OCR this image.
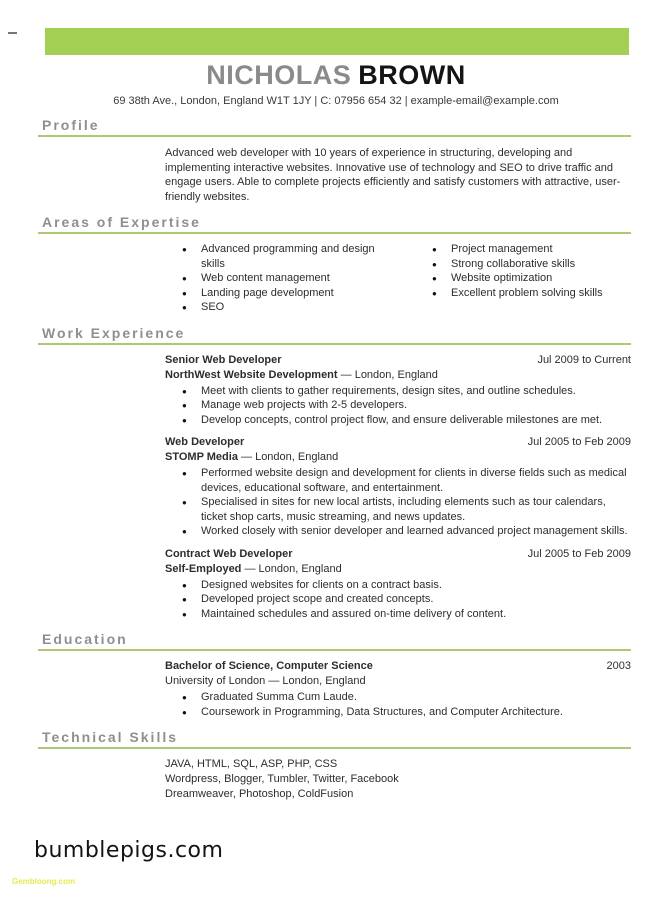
NICHOLAS BROWN
69 38th Ave., London, England W1T 1JY | C: 07956 654 32 | example-email@example.com
Profile

Advanced web developer with 10 years of experience in structuring, developing and implementing interactive websites. Innovative use of technology and SEO to drive traffic and engage users. Able to complete projects efficiently and satisfy customers with attractive, user-friendly websites.

Areas of Expertise
● Advanced programming and design skills
● Web content management
● Landing page development
● SEO
● Project management
● Strong collaborative skills
● Website optimization
● Excellent problem solving skills
Work Experience
Senior Web Developer	Jul 2009 to Current
NorthWest Website Development — London, England
● Meet with clients to gather requirements, design sites, and outline schedules.
● Manage web projects with 2-5 developers.
● Develop concepts, control project flow, and ensure deliverable milestones are met.
Web Developer	Jul 2005 to Feb 2009
STOMP Media — London, England
● Performed website design and development for clients in diverse fields such as medical devices, educational software, and entertainment.
● Specialised in sites for new local artists, including elements such as tour calendars, ticket shop carts, music streaming, and news updates.
● Worked closely with senior developer and learned advanced project management skills.
Contract Web Developer	Jul 2005 to Feb 2009
Self-Employed — London, England
● Designed websites for clients on a contract basis.
● Developed project scope and created concepts.
● Maintained schedules and assured on-time delivery of content.
Education
Bachelor of Science, Computer Science	2003
University of London — London, England
● Graduated Summa Cum Laude.
● Coursework in Programming, Data Structures, and Computer Architecture.
Technical Skills
JAVA, HTML, SQL, ASP, PHP, CSS
Wordpress, Blogger, Tumbler, Twitter, Facebook
Dreamweaver, Photoshop, ColdFusion
bumblepigs.com
Gembloong.com
